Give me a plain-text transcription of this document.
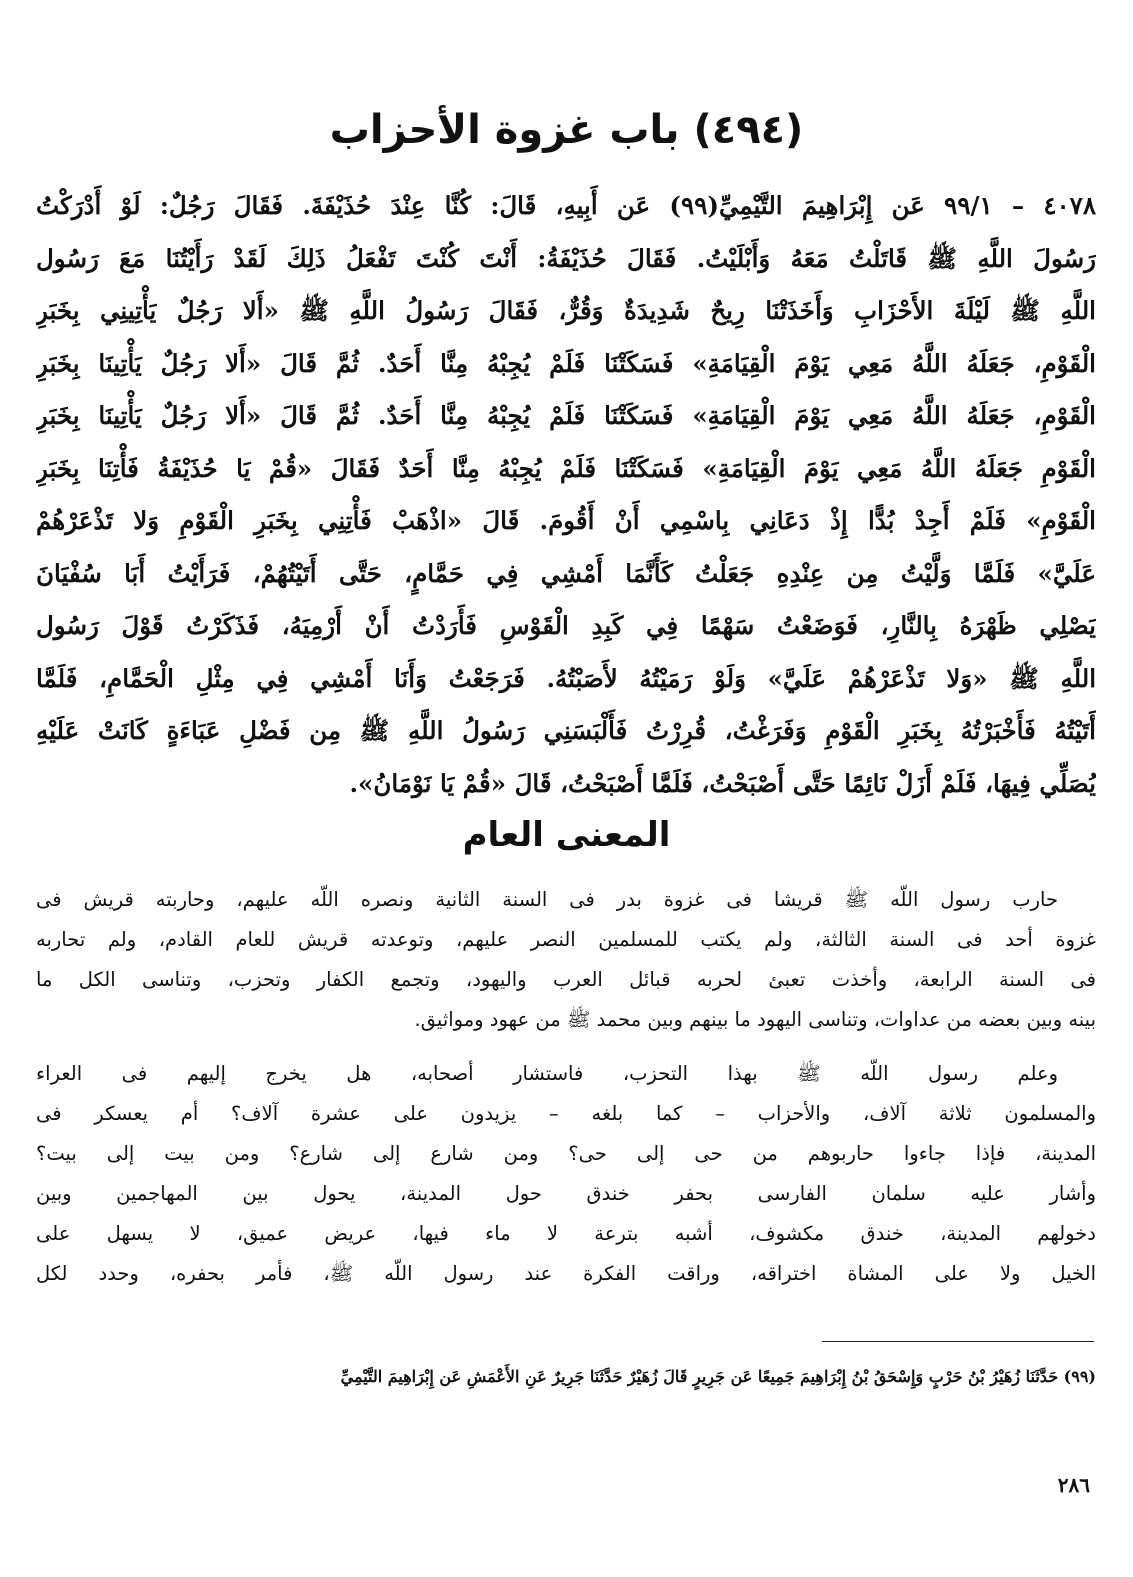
(٤٩٤) باب غزوة الأحزاب
٤٠٧٨ – ٩٩/١ عَن إِبْرَاهِيمَ التَّيْمِيِّ(٩٩) عَن أَبِيهِ، قَالَ: كُنَّا عِنْدَ حُذَيْفَةَ. فَقَالَ رَجُلٌ: لَوْ أَدْرَكْتُ
رَسُولَ اللَّهِ ﷺ قَاتَلْتُ مَعَهُ وَأَبْلَيْتُ. فَقَالَ حُذَيْفَةُ: أَنْتَ كُنْتَ تَفْعَلُ ذَلِكَ لَقَدْ رَأَيْتُنَا مَعَ رَسُول
اللَّهِ ﷺ لَيْلَةَ الأَحْزَابِ وَأَخَذَتْنَا رِيحٌ شَدِيدَةٌ وَقُرٌّ، فَقَالَ رَسُولُ اللَّهِ ﷺ «أَلا رَجُلٌ يَأْتِينِي بِخَبَرِ
الْقَوْمِ، جَعَلَهُ اللَّهُ مَعِي يَوْمَ الْقِيَامَةِ» فَسَكَتْنَا فَلَمْ يُجِبْهُ مِنَّا أَحَدٌ. ثُمَّ قَالَ «أَلا رَجُلٌ يَأْتِينَا بِخَبَرِ
الْقَوْمِ، جَعَلَهُ اللَّهُ مَعِي يَوْمَ الْقِيَامَةِ» فَسَكَتْنَا فَلَمْ يُجِبْهُ مِنَّا أَحَدٌ. ثُمَّ قَالَ «أَلا رَجُلٌ يَأْتِينَا بِخَبَرِ
الْقَوْمِ جَعَلَهُ اللَّهُ مَعِي يَوْمَ الْقِيَامَةِ» فَسَكَتْنَا فَلَمْ يُجِبْهُ مِنَّا أَحَدٌ فَقَالَ «قُمْ يَا حُذَيْفَةُ فَأْتِنَا بِخَبَرِ
الْقَوْمِ» فَلَمْ أَجِدْ بُدًّا إِذْ دَعَانِي بِاسْمِي أَنْ أَقُومَ. قَالَ «اذْهَبْ فَأْتِنِي بِخَبَرِ الْقَوْمِ وَلا تَذْعَرْهُمْ
عَلَيَّ» فَلَمَّا وَلَّيْتُ مِن عِنْدِهِ جَعَلْتُ كَأَنَّمَا أَمْشِي فِي حَمَّامٍ، حَتَّى أَتَيْتُهُمْ، فَرَأَيْتُ أَبَا سُفْيَانَ
يَصْلِي ظَهْرَهُ بِالنَّارِ، فَوَضَعْتُ سَهْمًا فِي كَبِدِ الْقَوْسِ فَأَرَدْتُ أَنْ أَرْمِيَهُ، فَذَكَرْتُ قَوْلَ رَسُول
اللَّهِ ﷺ «وَلا تَذْعَرْهُمْ عَلَيَّ» وَلَوْ رَمَيْتُهُ لأَصَبْتُهُ. فَرَجَعْتُ وَأَنَا أَمْشِي فِي مِثْلِ الْحَمَّامِ، فَلَمَّا
أَتَيْتُهُ فَأَخْبَرْتُهُ بِخَبَرِ الْقَوْمِ وَفَرَغْتُ، قُرِرْتُ فَأَلْبَسَنِي رَسُولُ اللَّهِ ﷺ مِن فَضْلِ عَبَاءَةٍ كَانَتْ عَلَيْهِ
يُصَلِّي فِيهَا، فَلَمْ أَزَلْ نَائِمًا حَتَّى أَصْبَحْتُ، فَلَمَّا أَصْبَحْتُ، قَالَ «قُمْ يَا نَوْمَانُ».
المعنى العام
حارب رسول اللّه ﷺ قريشا فى غزوة بدر فى السنة الثانية ونصره اللّه عليهم، وحاربته قريش فى
غزوة أحد فى السنة الثالثة، ولم يكتب للمسلمين النصر عليهم، وتوعدته قريش للعام القادم، ولم تحاربه
فى السنة الرابعة، وأخذت تعبئ لحربه قبائل العرب واليهود، وتجمع الكفار وتحزب، وتناسى الكل ما
بينه وبين بعضه من عداوات، وتناسى اليهود ما بينهم وبين محمد ﷺ من عهود ومواثيق.
وعلم رسول اللّه ﷺ بهذا التحزب، فاستشار أصحابه، هل يخرج إليهم فى العراء
والمسلمون ثلاثة آلاف، والأحزاب – كما بلغه – يزيدون على عشرة آلاف؟ أم يعسكر فى
المدينة، فإذا جاءوا حاربوهم من حى إلى حى؟ ومن شارع إلى شارع؟ ومن بيت إلى بيت؟
وأشار عليه سلمان الفارسى بحفر خندق حول المدينة، يحول بين المهاجمين وبين
دخولهم المدينة، خندق مكشوف، أشبه بترعة لا ماء فيها، عريض عميق، لا يسهل على
الخيل ولا على المشاة اختراقه، وراقت الفكرة عند رسول اللّه ﷺ، فأمر بحفره، وحدد لكل
(٩٩) حَدَّثَنَا زُهَيْرُ بْنُ حَرْبٍ وَإِسْحَقُ بْنُ إِبْرَاهِيمَ جَمِيعًا عَن جَرِيرٍ قَالَ زُهَيْرٌ حَدَّثَنَا جَرِيرٌ عَنِ الأَعْمَشِ عَن إِبْرَاهِيمَ التَّيْمِيِّ
٢٨٦
